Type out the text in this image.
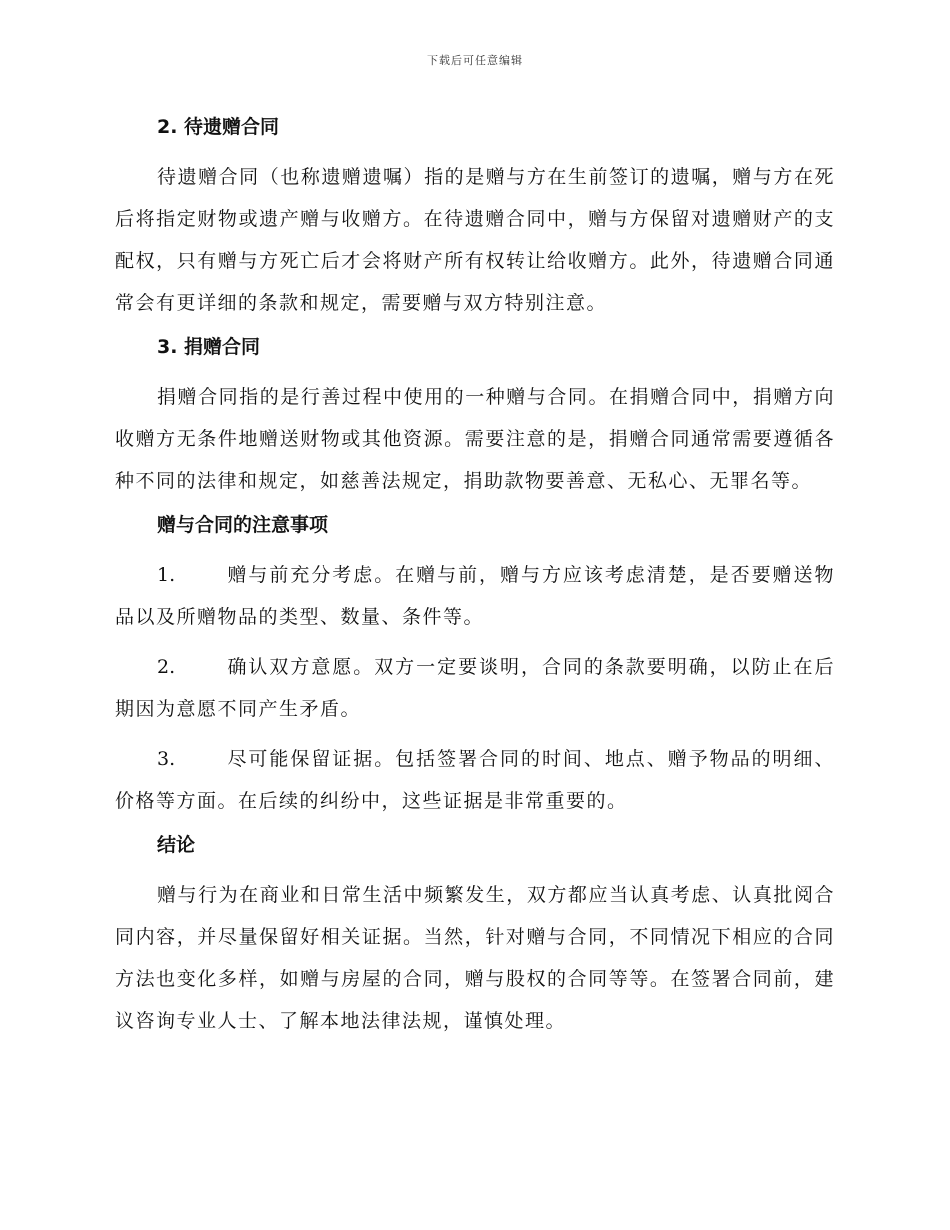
下载后可任意编辑
2. 待遗赠合同

待遗赠合同（也称遗赠遗嘱）指的是赠与方在生前签订的遗嘱，赠与方在死后将指定财物或遗产赠与收赠方。在待遗赠合同中，赠与方保留对遗赠财产的支配权，只有赠与方死亡后才会将财产所有权转让给收赠方。此外，待遗赠合同通常会有更详细的条款和规定，需要赠与双方特别注意。

3. 捐赠合同

捐赠合同指的是行善过程中使用的一种赠与合同。在捐赠合同中，捐赠方向收赠方无条件地赠送财物或其他资源。需要注意的是，捐赠合同通常需要遵循各种不同的法律和规定，如慈善法规定，捐助款物要善意、无私心、无罪名等。

赠与合同的注意事项
1.	赠与前充分考虑。在赠与前，赠与方应该考虑清楚，是否要赠送物品以及所赠物品的类型、数量、条件等。
2.	确认双方意愿。双方一定要谈明，合同的条款要明确，以防止在后期因为意愿不同产生矛盾。
3.	尽可能保留证据。包括签署合同的时间、地点、赠予物品的明细、价格等方面。在后续的纠纷中，这些证据是非常重要的。
结论

赠与行为在商业和日常生活中频繁发生，双方都应当认真考虑、认真批阅合同内容，并尽量保留好相关证据。当然，针对赠与合同，不同情况下相应的合同方法也变化多样，如赠与房屋的合同，赠与股权的合同等等。在签署合同前，建议咨询专业人士、了解本地法律法规，谨慎处理。
